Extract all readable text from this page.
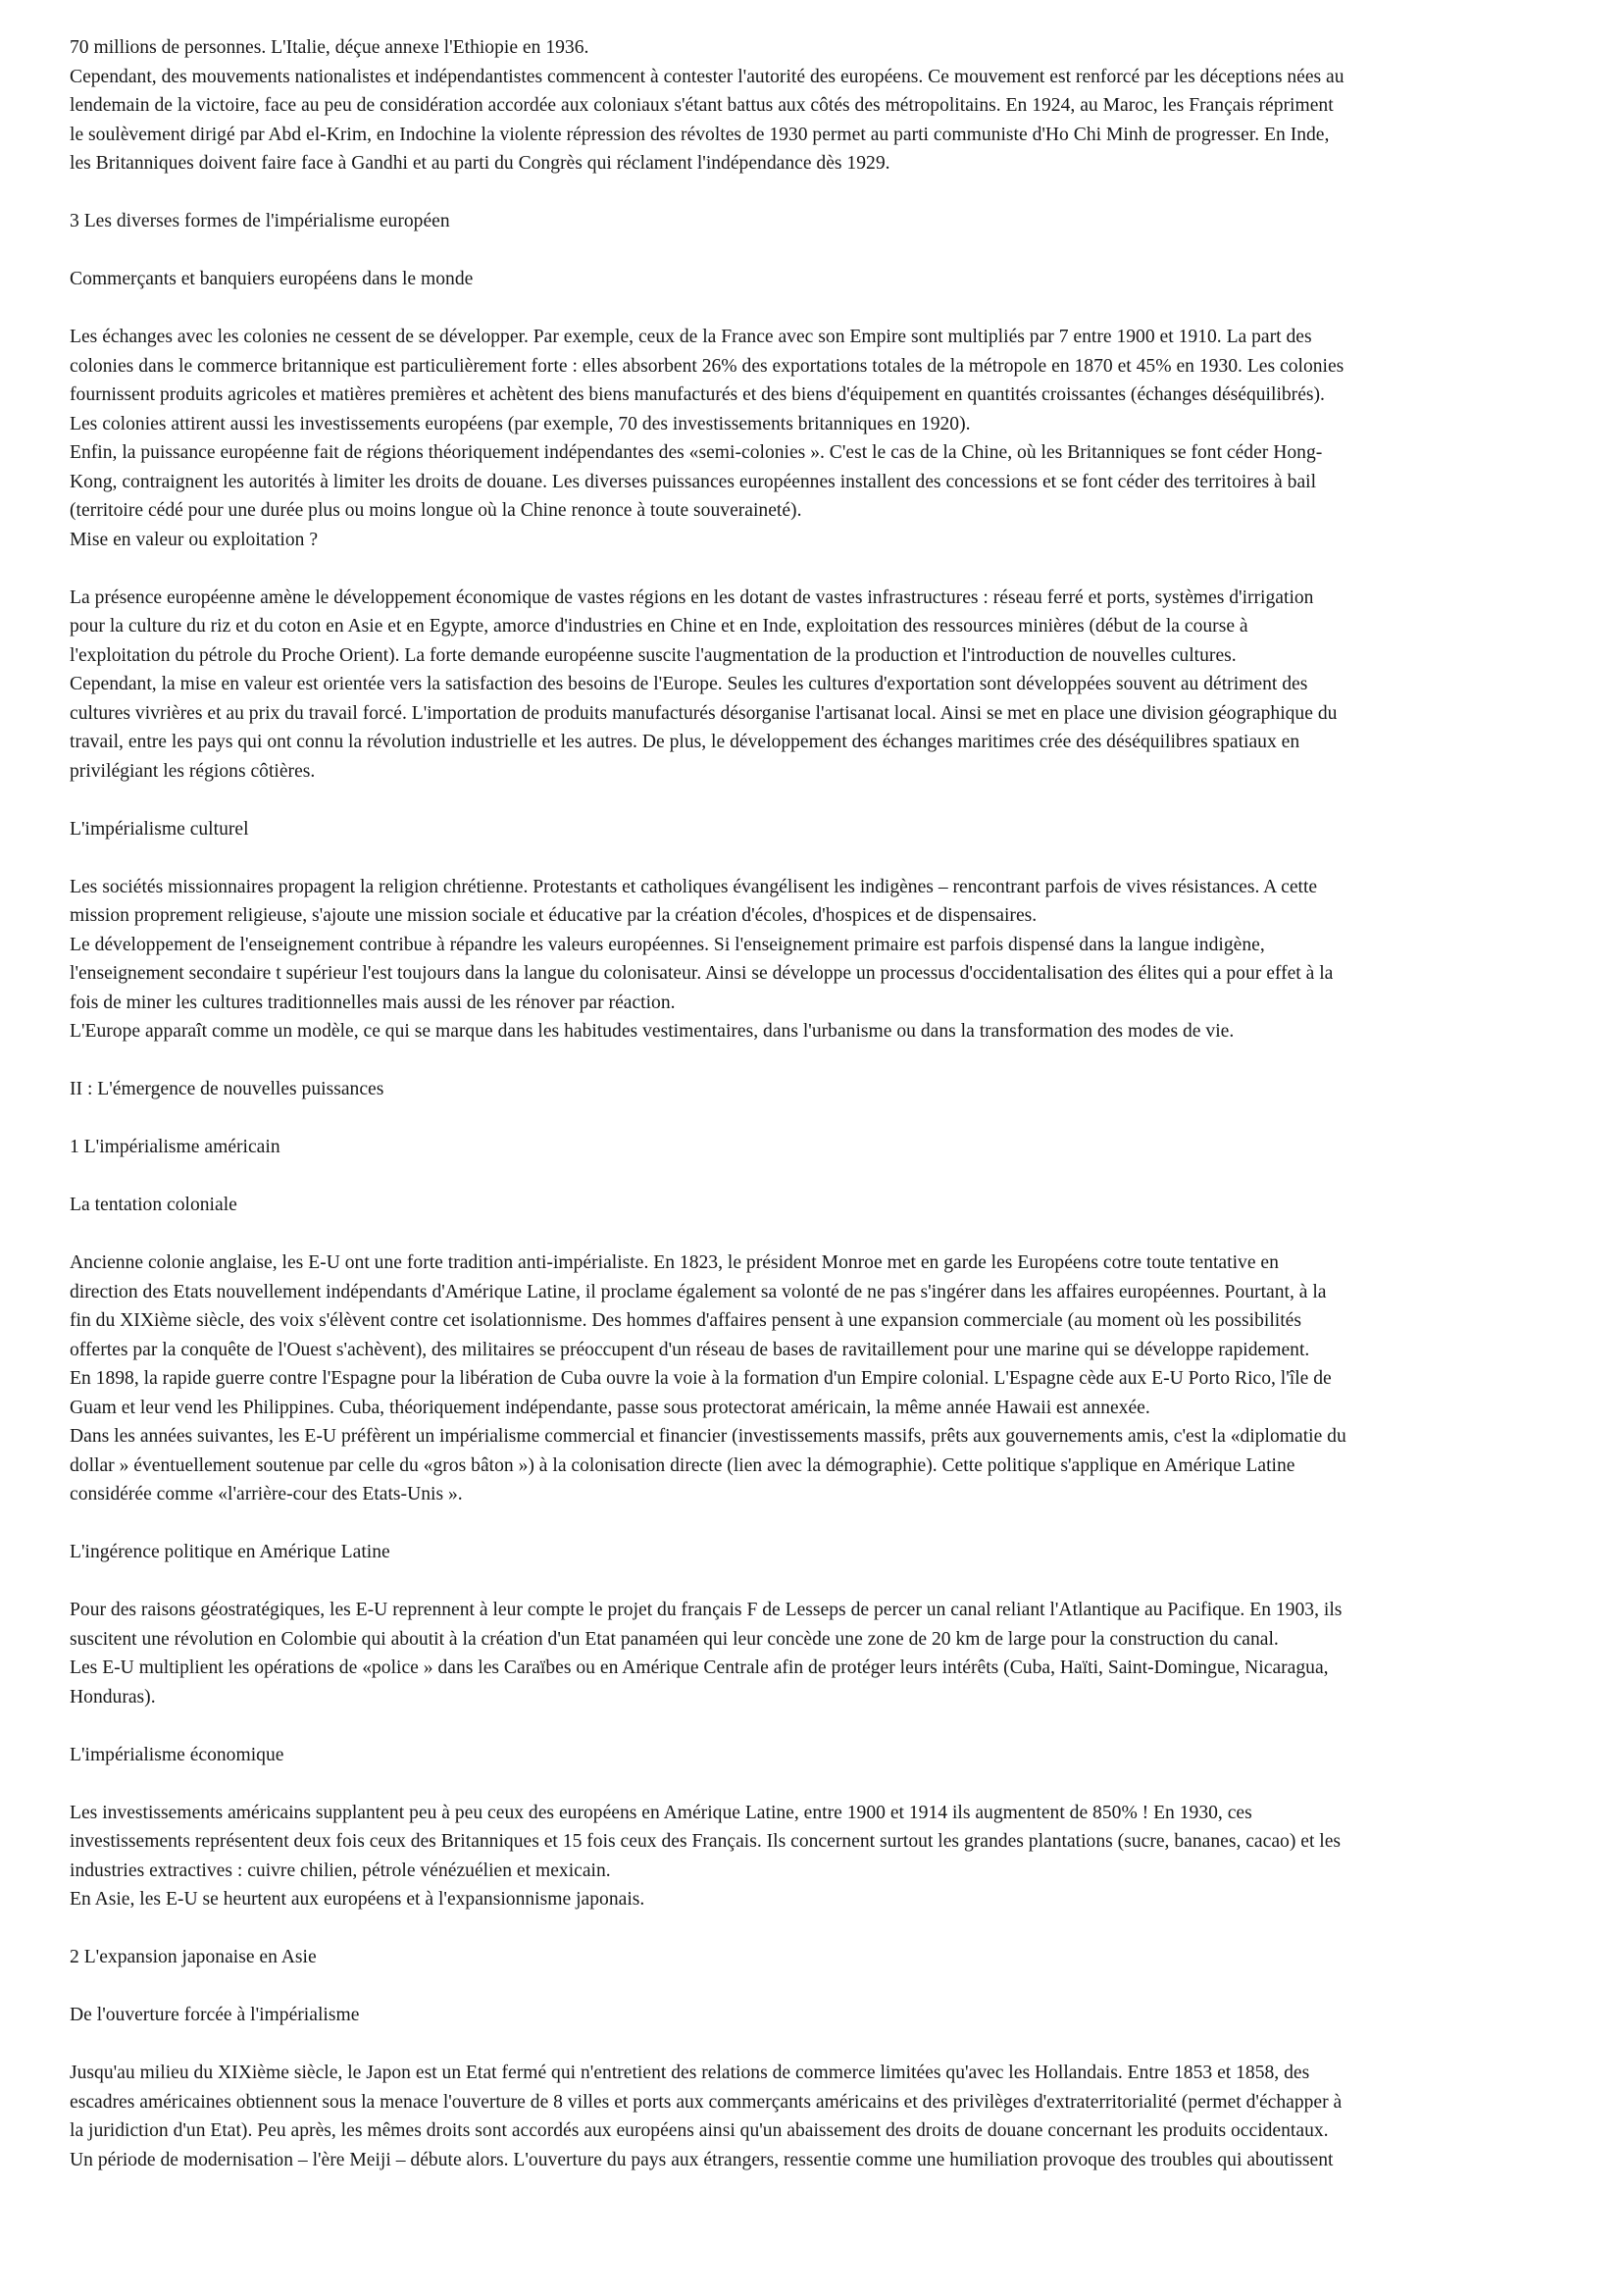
70 millions de personnes. L'Italie, déçue annexe l'Ethiopie en 1936.
Cependant, des mouvements nationalistes et indépendantistes commencent à contester l'autorité des européens. Ce mouvement est renforcé par les déceptions nées au
lendemain de la victoire, face au peu de considération accordée aux coloniaux s'étant battus aux côtés des métropolitains. En 1924, au Maroc, les Français répriment
le soulèvement dirigé par Abd el-Krim, en Indochine la violente répression des révoltes de 1930 permet au parti communiste d'Ho Chi Minh de progresser. En Inde,
les Britanniques doivent faire face à Gandhi et au parti du Congrès qui réclament l'indépendance dès 1929.
3 Les diverses formes de l'impérialisme européen
Commerçants et banquiers européens dans le monde
Les échanges avec les colonies ne cessent de se développer. Par exemple, ceux de la France avec son Empire sont multipliés par 7 entre 1900 et 1910. La part des
colonies dans le commerce britannique est particulièrement forte : elles absorbent 26% des exportations totales de la métropole en 1870 et 45% en 1930. Les colonies
fournissent produits agricoles et matières premières et achètent des biens manufacturés et des biens d'équipement en quantités croissantes (échanges déséquilibrés).
Les colonies attirent aussi les investissements européens (par exemple, 70 des investissements britanniques en 1920).
Enfin, la puissance européenne fait de régions théoriquement indépendantes des «semi-colonies ». C'est le cas de la Chine, où les Britanniques se font céder Hong-
Kong, contraignent les autorités à limiter les droits de douane. Les diverses puissances européennes installent des concessions et se font céder des territoires à bail
(territoire cédé pour une durée plus ou moins longue où la Chine renonce à toute souveraineté).
Mise en valeur ou exploitation ?
La présence européenne amène le développement économique de vastes régions en les dotant de vastes infrastructures : réseau ferré et ports, systèmes d'irrigation
pour la culture du riz et du coton en Asie et en Egypte, amorce d'industries en Chine et en Inde, exploitation des ressources minières (début de la course à
l'exploitation du pétrole du Proche Orient). La forte demande européenne suscite l'augmentation de la production et l'introduction de nouvelles cultures.
Cependant, la mise en valeur est orientée vers la satisfaction des besoins de l'Europe. Seules les cultures d'exportation sont développées souvent au détriment des
cultures vivrières et au prix du travail forcé. L'importation de produits manufacturés désorganise l'artisanat local. Ainsi se met en place une division géographique du
travail, entre les pays qui ont connu la révolution industrielle et les autres. De plus, le développement des échanges maritimes crée des déséquilibres spatiaux en
privilégiant les régions côtières.
L'impérialisme culturel
Les sociétés missionnaires propagent la religion chrétienne. Protestants et catholiques évangélisent les indigènes – rencontrant parfois de vives résistances. A cette
mission proprement religieuse, s'ajoute une mission sociale et éducative par la création d'écoles, d'hospices et de dispensaires.
Le développement de l'enseignement contribue à répandre les valeurs européennes. Si l'enseignement primaire est parfois dispensé dans la langue indigène,
l'enseignement secondaire t supérieur l'est toujours dans la langue du colonisateur. Ainsi se développe un processus d'occidentalisation des élites qui a pour effet à la
fois de miner les cultures traditionnelles mais aussi de les rénover par réaction.
L'Europe apparaît comme un modèle, ce qui se marque dans les habitudes vestimentaires, dans l'urbanisme ou dans la transformation des modes de vie.
II : L'émergence de nouvelles puissances
1 L'impérialisme américain
La tentation coloniale
Ancienne colonie anglaise, les E-U ont une forte tradition anti-impérialiste. En 1823, le président Monroe met en garde les Européens cotre toute tentative en
direction des Etats nouvellement indépendants d'Amérique Latine, il proclame également sa volonté de ne pas s'ingérer dans les affaires européennes. Pourtant, à la
fin du XIXième siècle, des voix s'élèvent contre cet isolationnisme. Des hommes d'affaires pensent à une expansion commerciale (au moment où les possibilités
offertes par la conquête de l'Ouest s'achèvent), des militaires se préoccupent d'un réseau de bases de ravitaillement pour une marine qui se développe rapidement.
En 1898, la rapide guerre contre l'Espagne pour la libération de Cuba ouvre la voie à la formation d'un Empire colonial. L'Espagne cède aux E-U Porto Rico, l'île de
Guam et leur vend les Philippines. Cuba, théoriquement indépendante, passe sous protectorat américain, la même année Hawaii est annexée.
Dans les années suivantes, les E-U préfèrent un impérialisme commercial et financier (investissements massifs, prêts aux gouvernements amis, c'est la «diplomatie du
dollar » éventuellement soutenue par celle du «gros bâton ») à la colonisation directe (lien avec la démographie). Cette politique s'applique en Amérique Latine
considérée comme «l'arrière-cour des Etats-Unis ».
L'ingérence politique en Amérique Latine
Pour des raisons géostratégiques, les E-U reprennent à leur compte le projet du français F de Lesseps de percer un canal reliant l'Atlantique au Pacifique. En 1903, ils
suscitent une révolution en Colombie qui aboutit à la création d'un Etat panaméen qui leur concède une zone de 20 km de large pour la construction du canal.
Les E-U multiplient les opérations de «police » dans les Caraïbes ou en Amérique Centrale afin de protéger leurs intérêts (Cuba, Haïti, Saint-Domingue, Nicaragua,
Honduras).
L'impérialisme économique
Les investissements américains supplantent peu à peu ceux des européens en Amérique Latine, entre 1900 et 1914 ils augmentent de 850% ! En 1930, ces
investissements représentent deux fois ceux des Britanniques et 15 fois ceux des Français. Ils concernent surtout les grandes plantations (sucre, bananes, cacao) et les
industries extractives : cuivre chilien, pétrole vénézuélien et mexicain.
En Asie, les E-U se heurtent aux européens et à l'expansionnisme japonais.
2 L'expansion japonaise en Asie
De l'ouverture forcée à l'impérialisme
Jusqu'au milieu du XIXième siècle, le Japon est un Etat fermé qui n'entretient des relations de commerce limitées qu'avec les Hollandais. Entre 1853 et 1858, des
escadres américaines obtiennent sous la menace l'ouverture de 8 villes et ports aux commerçants américains et des privilèges d'extraterritorialité (permet d'échapper à
la juridiction d'un Etat). Peu après, les mêmes droits sont accordés aux européens ainsi qu'un abaissement des droits de douane concernant les produits occidentaux.
Un période de modernisation – l'ère Meiji – débute alors. L'ouverture du pays aux étrangers, ressentie comme une humiliation provoque des troubles qui aboutissent
